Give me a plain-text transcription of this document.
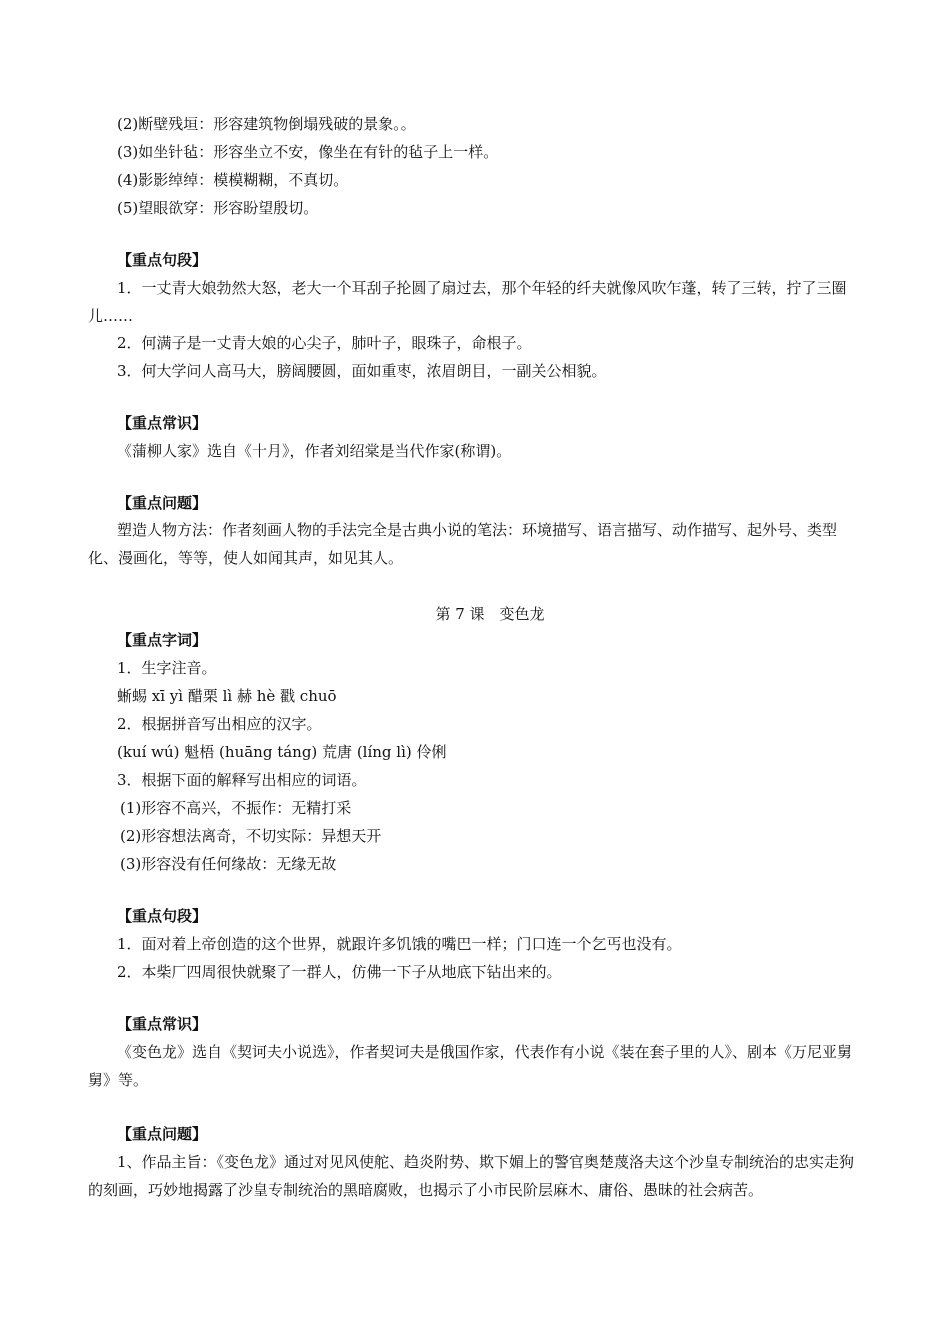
(2)断壁残垣：形容建筑物倒塌残破的景象。。
(3)如坐针毡：形容坐立不安，像坐在有针的毡子上一样。
(4)影影绰绰：模模糊糊，不真切。
(5)望眼欲穿：形容盼望殷切。
【重点句段】
1．一丈青大娘勃然大怒，老大一个耳刮子抡圆了扇过去，那个年轻的纤夫就像风吹乍蓬，转了三转，拧了三圈儿……
2．何满子是一丈青大娘的心尖子，肺叶子，眼珠子，命根子。
3．何大学问人高马大，膀阔腰圆，面如重枣，浓眉朗目，一副关公相貌。
【重点常识】
《蒲柳人家》选自《十月》，作者刘绍棠是当代作家(称谓)。
【重点问题】
塑造人物方法：作者刻画人物的手法完全是古典小说的笔法：环境描写、语言描写、动作描写、起外号、类型化、漫画化，等等，使人如闻其声，如见其人。
第 7 课　变色龙
【重点字词】
1．生字注音。
蜥蜴 xī yì 醋栗 lì 赫 hè 戳 chuō
2．根据拼音写出相应的汉字。
(kuí wú) 魁梧 (huāng táng) 荒唐 (líng lì) 伶俐
3．根据下面的解释写出相应的词语。
(1)形容不高兴，不振作：无精打采
(2)形容想法离奇，不切实际：异想天开
(3)形容没有任何缘故：无缘无故
【重点句段】
1．面对着上帝创造的这个世界，就跟许多饥饿的嘴巴一样；门口连一个乞丐也没有。
2．本柴厂四周很快就聚了一群人，仿佛一下子从地底下钻出来的。
【重点常识】
《变色龙》选自《契诃夫小说选》，作者契诃夫是俄国作家，代表作有小说《装在套子里的人》、剧本《万尼亚舅舅》等。
【重点问题】
1、作品主旨：《变色龙》通过对见风使舵、趋炎附势、欺下媚上的警官奥楚蔑洛夫这个沙皇专制统治的忠实走狗的刻画，巧妙地揭露了沙皇专制统治的黑暗腐败，也揭示了小市民阶层麻木、庸俗、愚昧的社会病苦。
